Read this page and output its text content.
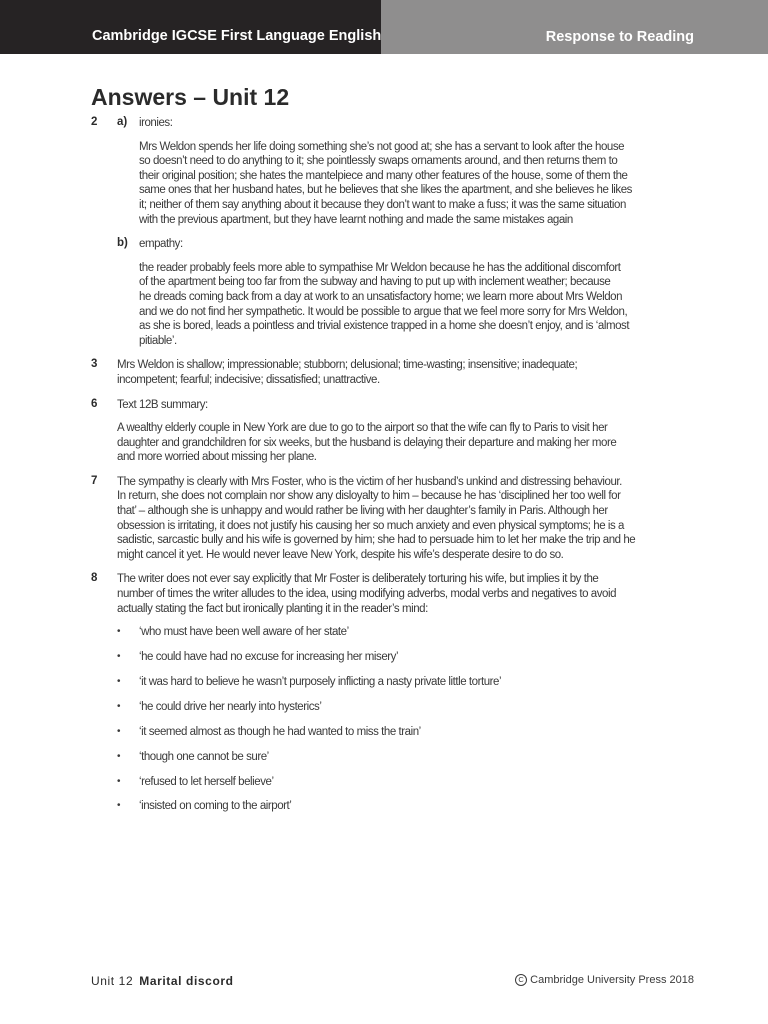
Cambridge IGCSE First Language English	Response to Reading
Answers – Unit 12
2 a) ironies:

Mrs Weldon spends her life doing something she’s not good at; she has a servant to look after the house
so doesn’t need to do anything to it; she pointlessly swaps ornaments around, and then returns them to
their original position; she hates the mantelpiece and many other features of the house, some of them the
same ones that her husband hates, but he believes that she likes the apartment, and she believes he likes
it; neither of them say anything about it because they don’t want to make a fuss; it was the same situation
with the previous apartment, but they have learnt nothing and made the same mistakes again
b) empathy:

the reader probably feels more able to sympathise Mr Weldon because he has the additional discomfort
of the apartment being too far from the subway and having to put up with inclement weather; because
he dreads coming back from a day at work to an unsatisfactory home; we learn more about Mrs Weldon
and we do not find her sympathetic. It would be possible to argue that we feel more sorry for Mrs Weldon,
as she is bored, leads a pointless and trivial existence trapped in a home she doesn’t enjoy, and is ‘almost
pitiable’.
3 Mrs Weldon is shallow; impressionable; stubborn; delusional; time-wasting; insensitive; inadequate;
incompetent; fearful; indecisive; dissatisfied; unattractive.
6 Text 12B summary:

A wealthy elderly couple in New York are due to go to the airport so that the wife can fly to Paris to visit her
daughter and grandchildren for six weeks, but the husband is delaying their departure and making her more
and more worried about missing her plane.
7 The sympathy is clearly with Mrs Foster, who is the victim of her husband’s unkind and distressing behaviour.
In return, she does not complain nor show any disloyalty to him – because he has ‘disciplined her too well for
that’ – although she is unhappy and would rather be living with her daughter’s family in Paris. Although her
obsession is irritating, it does not justify his causing her so much anxiety and even physical symptoms; he is a
sadistic, sarcastic bully and his wife is governed by him; she had to persuade him to let her make the trip and he
might cancel it yet. He would never leave New York, despite his wife’s desperate desire to do so.
8 The writer does not ever say explicitly that Mr Foster is deliberately torturing his wife, but implies it by the
number of times the writer alludes to the idea, using modifying adverbs, modal verbs and negatives to avoid
actually stating the fact but ironically planting it in the reader’s mind:
• ‘who must have been well aware of her state’
• ‘he could have had no excuse for increasing her misery’
• ‘it was hard to believe he wasn’t purposely inflicting a nasty private little torture’
• ‘he could drive her nearly into hysterics’
• ‘it seemed almost as though he had wanted to miss the train’
• ‘though one cannot be sure’
• ‘refused to let herself believe’
• ‘insisted on coming to the airport’
Unit 12 Marital discord	C Cambridge University Press 2018
